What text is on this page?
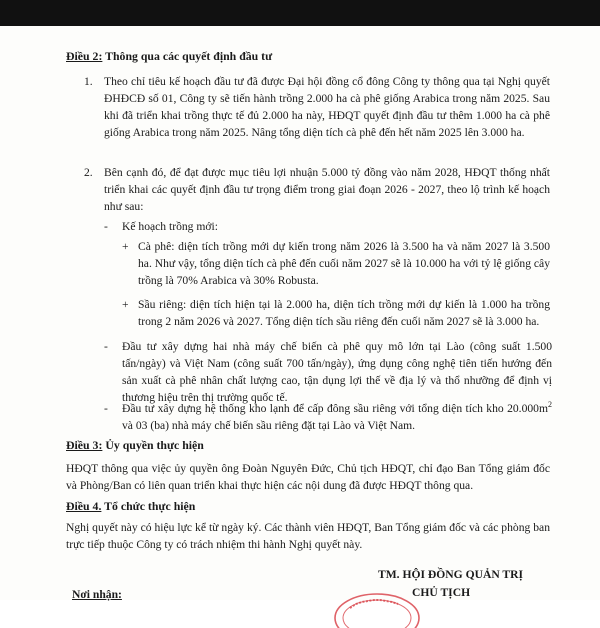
Điều 2: Thông qua các quyết định đầu tư
1. Theo chỉ tiêu kế hoạch đầu tư đã được Đại hội đồng cổ đông Công ty thông qua tại Nghị quyết ĐHĐCĐ số 01, Công ty sẽ tiến hành trồng 2.000 ha cà phê giống Arabica trong năm 2025. Sau khi đã triển khai trồng thực tế đủ 2.000 ha này, HĐQT quyết định đầu tư thêm 1.000 ha cà phê giống Arabica trong năm 2025. Nâng tổng diện tích cà phê đến hết năm 2025 lên 3.000 ha.
2. Bên cạnh đó, để đạt được mục tiêu lợi nhuận 5.000 tỷ đồng vào năm 2028, HĐQT thống nhất triển khai các quyết định đầu tư trọng điểm trong giai đoạn 2026 - 2027, theo lộ trình kế hoạch như sau:
- Kế hoạch trồng mới:
+ Cà phê: diện tích trồng mới dự kiến trong năm 2026 là 3.500 ha và năm 2027 là 3.500 ha. Như vậy, tổng diện tích cà phê đến cuối năm 2027 sẽ là 10.000 ha với tỷ lệ giống cây trồng là 70% Arabica và 30% Robusta.
+ Sầu riêng: diện tích hiện tại là 2.000 ha, diện tích trồng mới dự kiến là 1.000 ha trồng trong 2 năm 2026 và 2027. Tổng diện tích sầu riêng đến cuối năm 2027 sẽ là 3.000 ha.
- Đầu tư xây dựng hai nhà máy chế biến cà phê quy mô lớn tại Lào (công suất 1.500 tấn/ngày) và Việt Nam (công suất 700 tấn/ngày), ứng dụng công nghệ tiên tiến hướng đến sản xuất cà phê nhân chất lượng cao, tận dụng lợi thế về địa lý và thổ nhưỡng để định vị thương hiệu trên thị trường quốc tế.
- Đầu tư xây dựng hệ thống kho lạnh để cấp đông sầu riêng với tổng diện tích kho $20.000m^2$ và 03 (ba) nhà máy chế biến sầu riêng đặt tại Lào và Việt Nam.
Điều 3: Ủy quyền thực hiện
HĐQT thông qua việc ủy quyền ông Đoàn Nguyên Đức, Chủ tịch HĐQT, chỉ đạo Ban Tổng giám đốc và Phòng/Ban có liên quan triển khai thực hiện các nội dung đã được HĐQT thông qua.
Điều 4. Tổ chức thực hiện
Nghị quyết này có hiệu lực kể từ ngày ký. Các thành viên HĐQT, Ban Tổng giám đốc và các phòng ban trực tiếp thuộc Công ty có trách nhiệm thi hành Nghị quyết này.
Nơi nhận:
TM. HỘI ĐỒNG QUẢN TRỊ
CHỦ TỊCH
